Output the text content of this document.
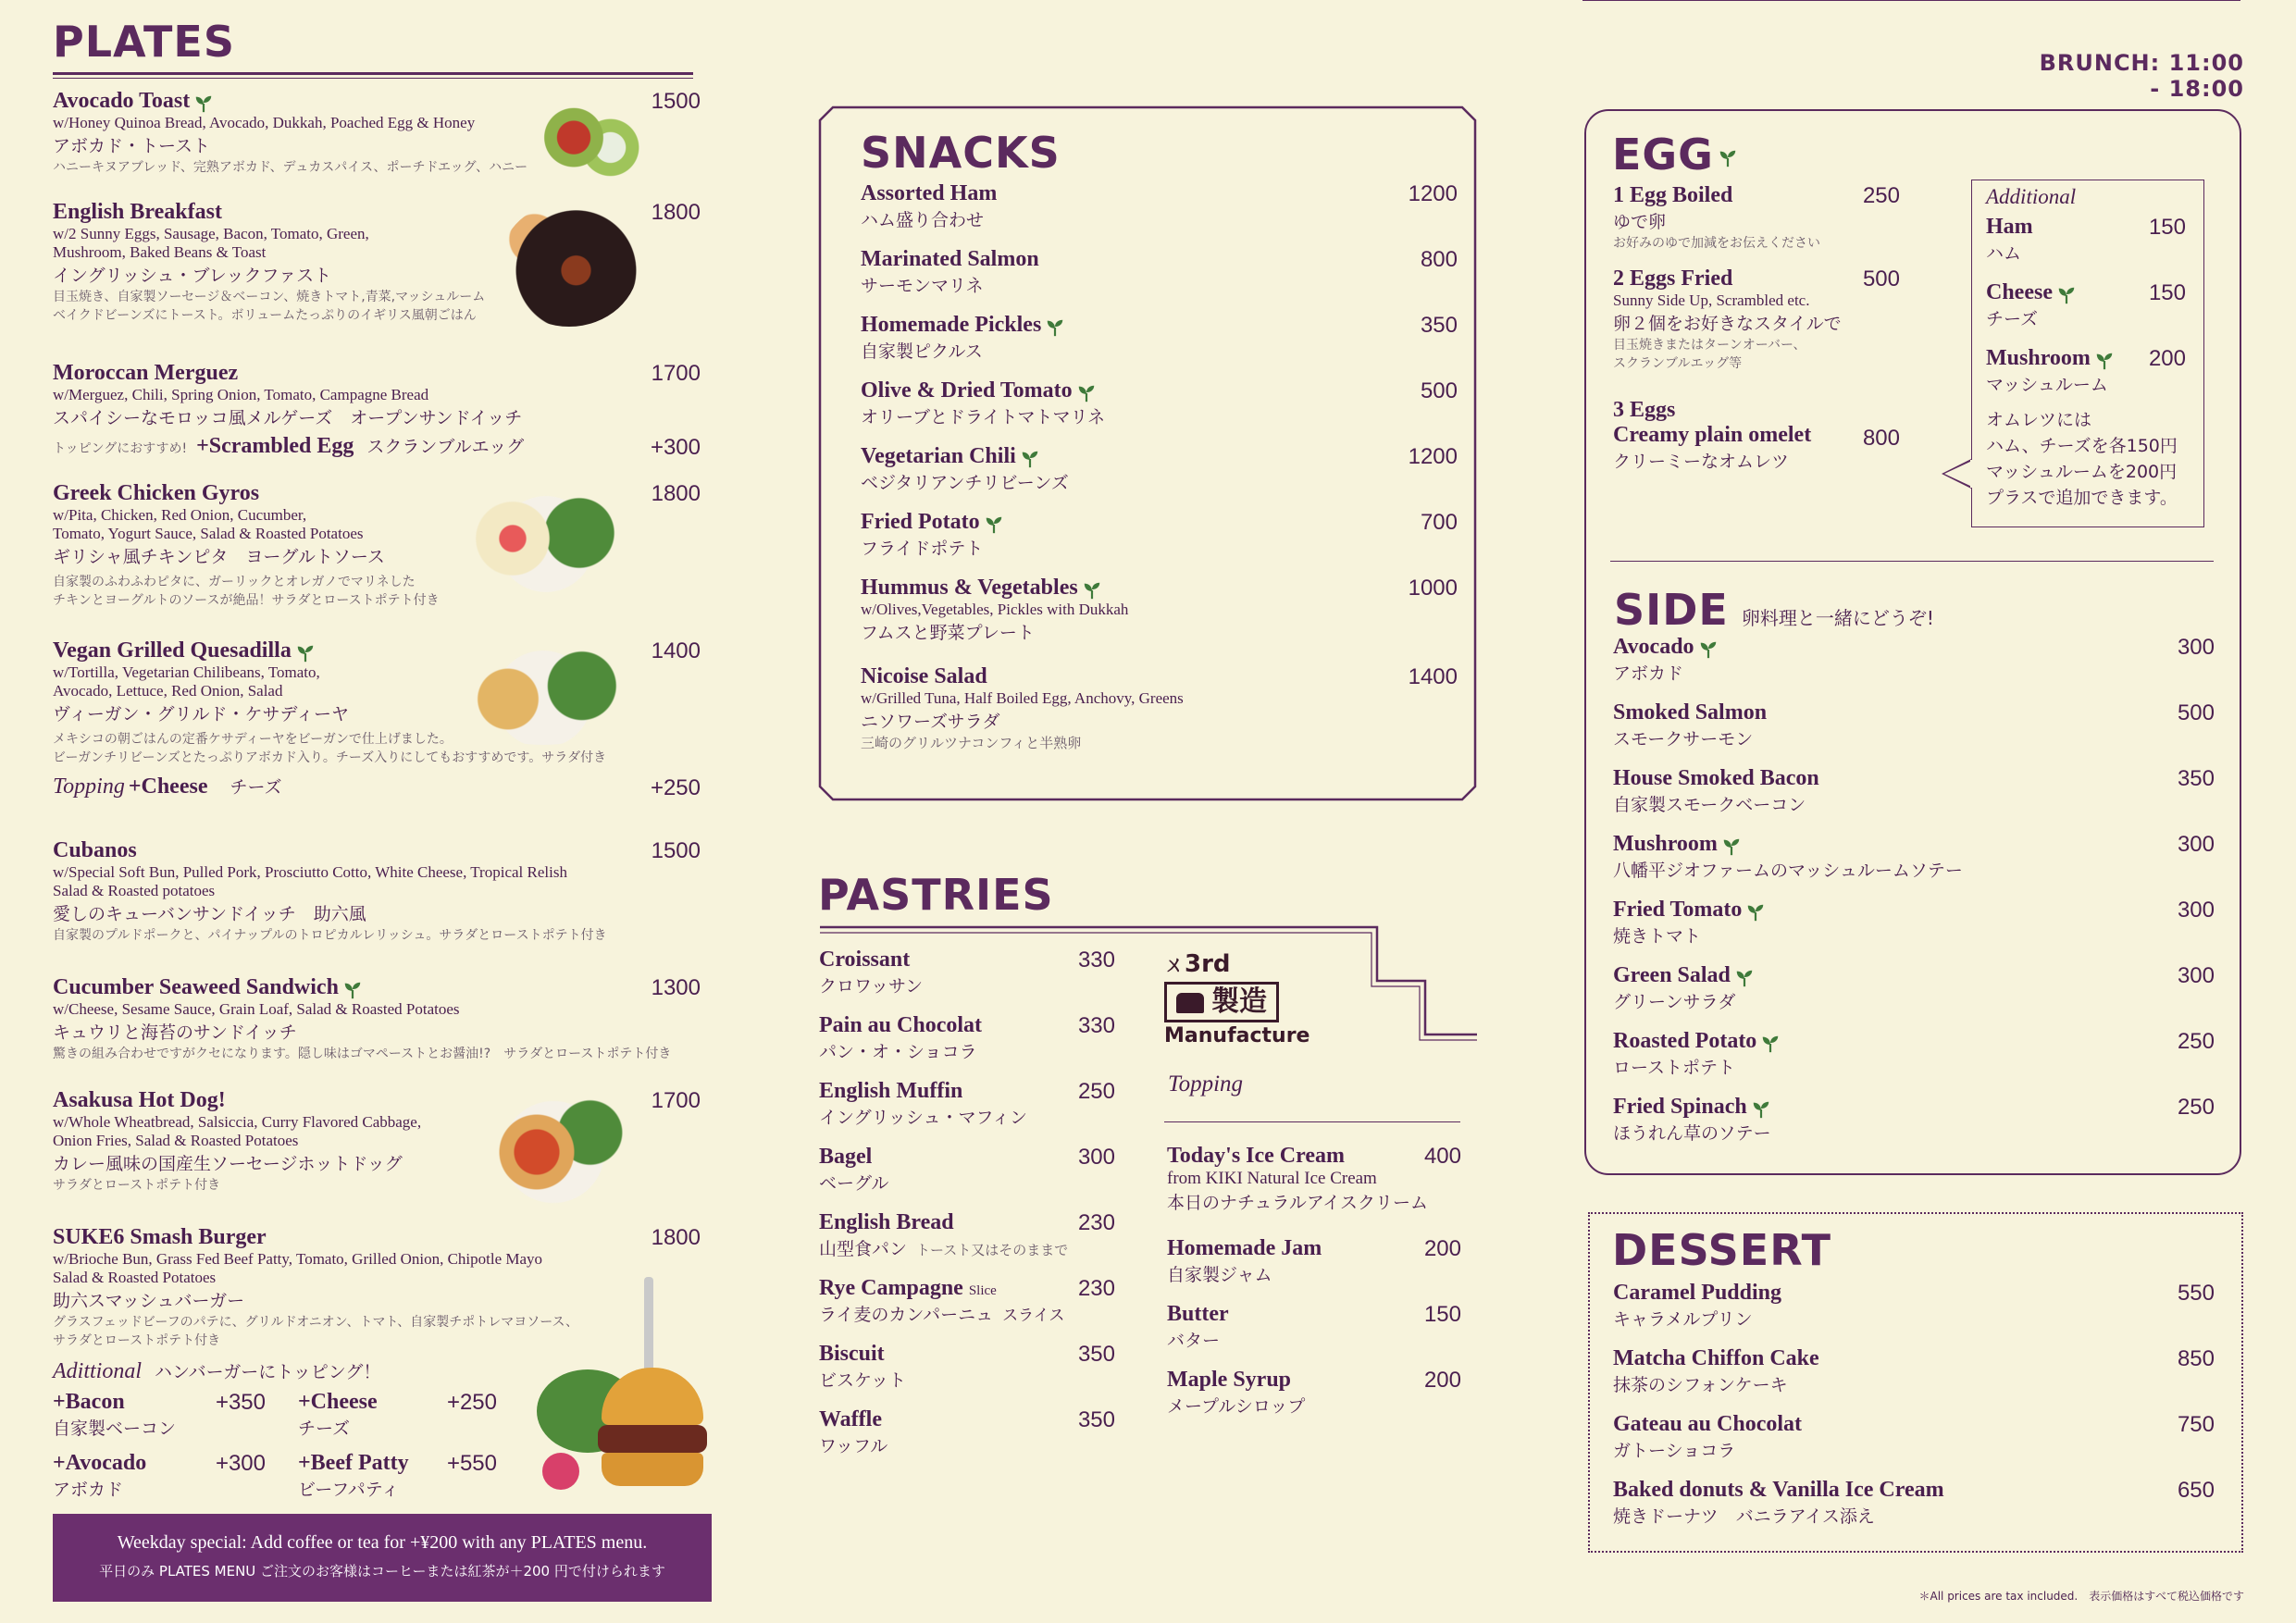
PLATES
Avocado Toast	1500
w/Honey Quinoa Bread, Avocado, Dukkah, Poached Egg & Honey
アボカド・トースト
ハニーキヌアブレッド、完熟アボカド、デュカスパイス、ポーチドエッグ、ハニー
English Breakfast	1800
w/2 Sunny Eggs, Sausage, Bacon, Tomato, Green,
Mushroom, Baked Beans & Toast
イングリッシュ・ブレックファスト
目玉焼き、自家製ソーセージ＆ベーコン、焼きトマト,青菜,マッシュルーム
ベイクドビーンズにトースト。ボリュームたっぷりのイギリス風朝ごはん
Moroccan Merguez	1700
w/Merguez, Chili, Spring Onion, Tomato, Campagne Bread
スパイシーなモロッコ風メルゲーズ　オープンサンドイッチ
トッピングにおすすめ! +Scrambled Egg スクランブルエッグ	+300
Greek Chicken Gyros	1800
w/Pita, Chicken, Red Onion, Cucumber,
Tomato, Yogurt Sauce, Salad & Roasted Potatoes
ギリシャ風チキンピタ　ヨーグルトソース
自家製のふわふわピタに、ガーリックとオレガノでマリネした
チキンとヨーグルトのソースが絶品！サラダとローストポテト付き
Vegan Grilled Quesadilla	1400
w/Tortilla, Vegetarian Chilibeans, Tomato,
Avocado, Lettuce, Red Onion, Salad
ヴィーガン・グリルド・ケサディーヤ
メキシコの朝ごはんの定番ケサディーヤをビーガンで仕上げました。
ビーガンチリビーンズとたっぷりアボカド入り。チーズ入りにしてもおすすめです。サラダ付き
Topping +Cheese チーズ	+250
Cubanos	1500
w/Special Soft Bun, Pulled Pork, Prosciutto Cotto, White Cheese, Tropical Relish
Salad & Roasted potatoes
愛しのキューバンサンドイッチ　助六風
自家製のプルドポークと、パイナップルのトロピカルレリッシュ。サラダとローストポテト付き
Cucumber Seaweed Sandwich	1300
w/Cheese, Sesame Sauce, Grain Loaf, Salad & Roasted Potatoes
キュウリと海苔のサンドイッチ
驚きの組み合わせですがクセになります。隠し味はゴマペーストとお醤油!?　サラダとローストポテト付き
Asakusa Hot Dog!	1700
w/Whole Wheatbread, Salsiccia, Curry Flavored Cabbage,
Onion Fries, Salad & Roasted Potatoes
カレー風味の国産生ソーセージホットドッグ
サラダとローストポテト付き
SUKE6 Smash Burger	1800
w/Brioche Bun, Grass Fed Beef Patty, Tomato, Grilled Onion, Chipotle Mayo
Salad & Roasted Potatoes
助六スマッシュバーガー
グラスフェッドビーフのパテに、グリルドオニオン、トマト、自家製チポトレマヨソース、
サラダとローストポテト付き
Adittional ハンバーガーにトッピング！
+Bacon	+350
自家製ベーコン
+Cheese	+250
チーズ
+Avocado	+300
アボカド
+Beef Patty +550
ビーフパティ
Weekday special: Add coffee or tea for +¥200 with any PLATES menu.
平日のみ PLATES MENU ご注文のお客様はコーヒーまたは紅茶が＋200 円で付けられます
SNACKS
Assorted Ham	1200
ハム盛り合わせ
Marinated Salmon	800
サーモンマリネ
Homemade Pickles	350
自家製ピクルス
Olive & Dried Tomato	500
オリーブとドライトマトマリネ
Vegetarian Chili	1200
ベジタリアンチリビーンズ
Fried Potato	700
フライドポテト
Hummus & Vegetables	1000
w/Olives,Vegetables, Pickles with Dukkah
フムスと野菜プレート
Nicoise Salad	1400
w/Grilled Tuna, Half Boiled Egg, Anchovy, Greens
ニソワーズサラダ
三崎のグリルツナコンフィと半熟卵
PASTRIES
Croissant	330
クロワッサン
Pain au Chocolat	330
パン・オ・ショコラ
English Muffin	250
イングリッシュ・マフィン
Bagel	300
ベーグル
English Bread	230
山型食パン トースト又はそのままで
Rye Campagne Slice	230
ライ麦のカンパーニュ スライス
Biscuit	350
ビスケット
Waffle	350
ワッフル
ㄨ3rd
製造
Manufacture
Topping
Today's Ice Cream	400
from KIKI Natural Ice Cream
本日のナチュラルアイスクリーム
Homemade Jam	200
自家製ジャム
Butter	150
バター
Maple Syrup	200
メープルシロップ
BRUNCH: 11:00 - 18:00
EGG
1 Egg Boiled	250
ゆで卵
お好みのゆで加減をお伝えください
2 Eggs Fried	500
Sunny Side Up, Scrambled etc.
卵２個をお好きなスタイルで
目玉焼きまたはターンオーバー、
スクランブルエッグ等
3 Eggs
Creamy plain omelet 800
クリーミーなオムレツ
Additional
Ham	150
ハム
Cheese	150
チーズ
Mushroom	200
マッシュルーム
オムレツには
ハム、チーズを各150円
マッシュルームを200円
プラスで追加できます。
SIDE 卵料理と一緒にどうぞ!
Avocado	300
アボカド
Smoked Salmon	500
スモークサーモン
House Smoked Bacon	350
自家製スモークベーコン
Mushroom	300
八幡平ジオファームのマッシュルームソテー
Fried Tomato	300
焼きトマト
Green Salad	300
グリーンサラダ
Roasted Potato	250
ローストポテト
Fried Spinach	250
ほうれん草のソテー
DESSERT
Caramel Pudding	550
キャラメルプリン
Matcha Chiffon Cake	850
抹茶のシフォンケーキ
Gateau au Chocolat	750
ガトーショコラ
Baked donuts & Vanilla Ice Cream	650
焼きドーナツ　バニラアイス添え
＊All prices are tax included.　表示価格はすべて税込価格です
